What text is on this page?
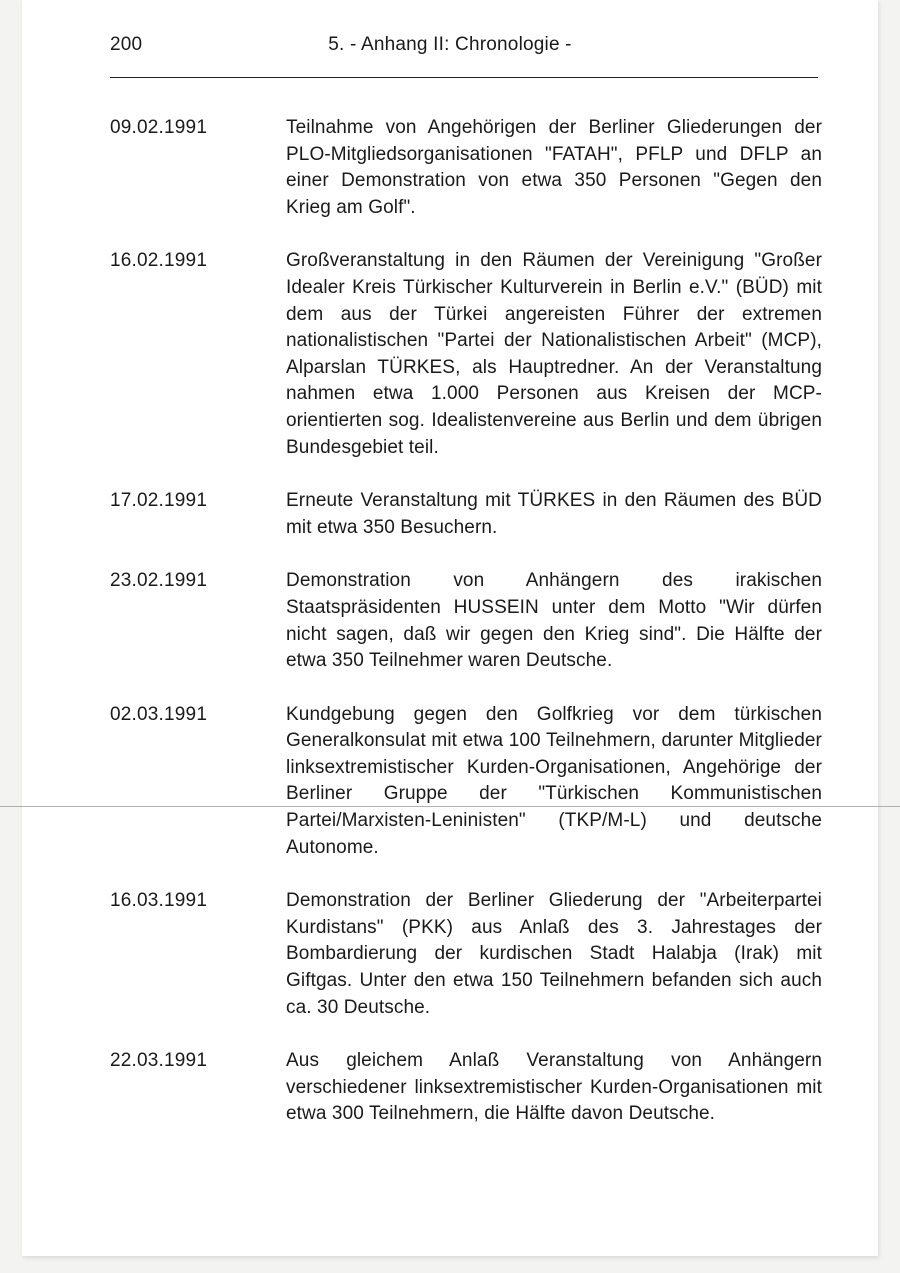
200	5. - Anhang II: Chronologie -
09.02.1991	Teilnahme von Angehörigen der Berliner Gliederungen der PLO-Mitgliedsorganisationen "FATAH", PFLP und DFLP an einer Demonstration von etwa 350 Personen "Gegen den Krieg am Golf".
16.02.1991	Großveranstaltung in den Räumen der Vereinigung "Großer Idealer Kreis Türkischer Kulturverein in Berlin e.V." (BÜD) mit dem aus der Türkei angereisten Führer der extremen nationalistischen "Partei der Nationalistischen Arbeit" (MCP), Alparslan TÜRKES, als Hauptredner. An der Veranstaltung nahmen etwa 1.000 Personen aus Kreisen der MCP-orientierten sog. Idealistenvereine aus Berlin und dem übrigen Bundesgebiet teil.
17.02.1991	Erneute Veranstaltung mit TÜRKES in den Räumen des BÜD mit etwa 350 Besuchern.
23.02.1991	Demonstration von Anhängern des irakischen Staatspräsidenten HUSSEIN unter dem Motto "Wir dürfen nicht sagen, daß wir gegen den Krieg sind". Die Hälfte der etwa 350 Teilnehmer waren Deutsche.
02.03.1991	Kundgebung gegen den Golfkrieg vor dem türkischen Generalkonsulat mit etwa 100 Teilnehmern, darunter Mitglieder linksextremistischer Kurden-Organisationen, Angehörige der Berliner Gruppe der "Türkischen Kommunistischen Partei/Marxisten-Leninisten" (TKP/M-L) und deutsche Autonome.
16.03.1991	Demonstration der Berliner Gliederung der "Arbeiterpartei Kurdistans" (PKK) aus Anlaß des 3. Jahrestages der Bombardierung der kurdischen Stadt Halabja (Irak) mit Giftgas. Unter den etwa 150 Teilnehmern befanden sich auch ca. 30 Deutsche.
22.03.1991	Aus gleichem Anlaß Veranstaltung von Anhängern verschiedener linksextremistischer Kurden-Organisationen mit etwa 300 Teilnehmern, die Hälfte davon Deutsche.
